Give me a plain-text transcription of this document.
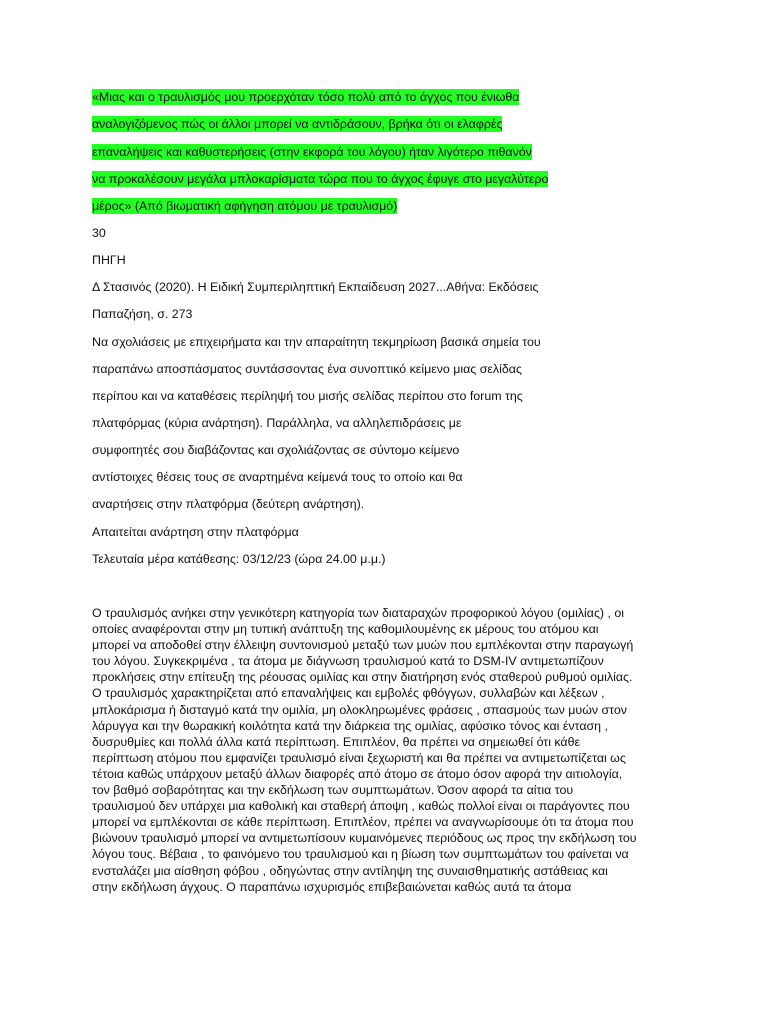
«Μιας και ο τραυλισμός μου προερχόταν τόσο πολύ από το άγχος που ένιωθα
αναλογιζόμενος πώς οι άλλοι μπορεί να αντιδράσουν, βρήκα ότι οι ελαφρές
επαναλήψεις και καθυστερήσεις (στην εκφορά του λόγου) ήταν λιγότερο πιθανόν
να προκαλέσουν μεγάλα μπλοκαρίσματα τώρα που το άγχος έφυγε στο μεγαλύτερο
μέρος» (Από βιωματική αφήγηση ατόμου με τραυλισμό)
30
ΠΗΓΗ
Δ Στασινός (2020). Η Ειδική Συμπεριληπτική Εκπαίδευση 2027...Αθήνα: Εκδόσεις
Παπαζήση, σ. 273
Να σχολιάσεις με επιχειρήματα και την απαραίτητη τεκμηρίωση βασικά σημεία του
παραπάνω αποσπάσματος συντάσσοντας ένα συνοπτικό κείμενο μιας σελίδας
περίπου και να καταθέσεις περίληψή του μισής σελίδας περίπου στο forum της
πλατφόρμας (κύρια ανάρτηση). Παράλληλα, να αλληλεπιδράσεις με
συμφοιτητές σου διαβάζοντας και σχολιάζοντας σε σύντομο κείμενο
αντίστοιχες θέσεις τους σε αναρτημένα κείμενά τους το οποίο και θα
αναρτήσεις στην πλατφόρμα (δεύτερη ανάρτηση).
Απαιτείται ανάρτηση στην πλατφόρμα
Τελευταία μέρα κατάθεσης: 03/12/23 (ώρα 24.00 μ.μ.)
Ο τραυλισμός ανήκει στην γενικότερη κατηγορία των διαταραχών προφορικού λόγου (ομιλίας) , οι
οποίες αναφέρονται στην μη τυπική ανάπτυξη της καθομιλουμένης εκ μέρους του ατόμου και
μπορεί να αποδοθεί στην έλλειψη συντονισμού μεταξύ των μυών που εμπλέκονται στην παραγωγή
του λόγου. Συγκεκριμένα , τα άτομα με διάγνωση τραυλισμού κατά το DSM-IV αντιμετωπίζουν
προκλήσεις στην επίτευξη της ρέουσας ομιλίας και στην διατήρηση ενός σταθερού ρυθμού ομιλίας.
Ο τραυλισμός χαρακτηρίζεται από επαναλήψεις και εμβολές φθόγγων, συλλαβών και λέξεων ,
μπλοκάρισμα ή δισταγμό κατά την ομιλία, μη ολοκληρωμένες φράσεις , σπασμούς των μυών στον
λάρυγγα και την θωρακική κοιλότητα κατά την διάρκεια της ομιλίας, αφύσικο τόνος και ένταση ,
δυσρυθμίες και πολλά άλλα κατά περίπτωση. Επιπλέον, θα πρέπει να σημειωθεί ότι κάθε
περίπτωση ατόμου που εμφανίζει τραυλισμό είναι ξεχωριστή και θα πρέπει να αντιμετωπίζεται ως
τέτοια καθώς υπάρχουν μεταξύ άλλων διαφορές από άτομο σε άτομο όσον αφορά την αιτιολογία,
τον βαθμό σοβαρότητας και την εκδήλωση των συμπτωμάτων. Όσον αφορά τα αίτια του
τραυλισμού δεν υπάρχει μια καθολική και σταθερή άποψη , καθώς πολλοί είναι οι παράγοντες που
μπορεί να εμπλέκονται σε κάθε περίπτωση. Επιπλέον, πρέπει να αναγνωρίσουμε ότι τα άτομα που
βιώνουν τραυλισμό μπορεί να αντιμετωπίσουν κυμαινόμενες περιόδους ως προς την εκδήλωση του
λόγου τους. Βέβαια , το φαινόμενο του τραυλισμού και η βίωση των συμπτωμάτων του φαίνεται να
ενσταλάζει μια αίσθηση φόβου , οδηγώντας στην αντίληψη της συναισθηματικής αστάθειας και
στην εκδήλωση άγχους. Ο παραπάνω ισχυρισμός επιβεβαιώνεται καθώς αυτά τα άτομα
